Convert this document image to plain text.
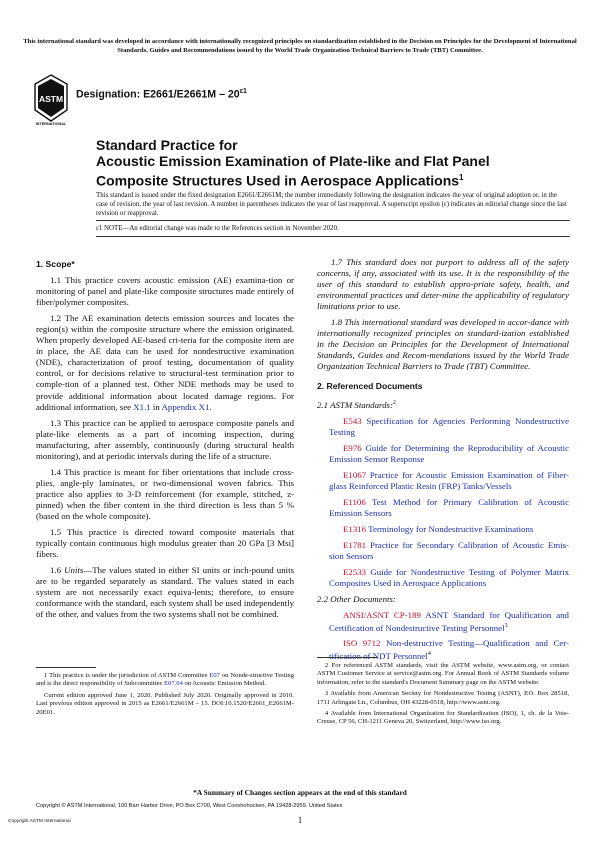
This international standard was developed in accordance with internationally recognized principles on standardization established in the Decision on Principles for the Development of International Standards, Guides and Recommendations issued by the World Trade Organization Technical Barriers to Trade (TBT) Committee.
ASTM
INTERNATIONAL
Designation: $E2661/E2661M - 20^{\varepsilon 1}$
Standard Practice for
Acoustic Emission Examination of Plate-like and Flat Panel
Composite Structures Used in Aerospace Applications$^1$
This standard is issued under the fixed designation E2661/E2661M; the number immediately following the designation indicates the year of original adoption or, in the case of revision, the year of last revision. A number in parentheses indicates the year of last reapproval. A superscript epsilon (ε) indicates an editorial change since the last revision or reapproval.
ε1 NOTE—An editorial change was made to the References section in November 2020.
1. Scope*

1.1 This practice covers acoustic emission (AE) examina-tion or monitoring of panel and plate-like composite structures made entirely of fiber/polymer composites.

1.2 The AE examination detects emission sources and locates the region(s) within the composite structure where the emission originated. When properly developed AE-based cri-teria for the composite item are in place, the AE data can be used for nondestructive examination (NDE), characterization of proof testing, documentation of quality control, or for decisions relative to structural-test termination prior to comple-tion of a planned test. Other NDE methods may be used to provide additional information about located damage regions. For additional information, see X1.1 in Appendix X1.

1.3 This practice can be applied to aerospace composite panels and plate-like elements as a part of incoming inspection, during manufacturing, after assembly, continuously (during structural health monitoring), and at periodic intervals during the life of a structure.

1.4 This practice is meant for fiber orientations that include cross-plies, angle-ply laminates, or two-dimensional woven fabrics. This practice also applies to 3-D reinforcement (for example, stitched, z-pinned) when the fiber content in the third direction is less than 5 % (based on the whole composite).

1.5 This practice is directed toward composite materials that typically contain continuous high modulus greater than 20 GPa [3 Msi] fibers.

1.6 Units—The values stated in either SI units or inch-pound units are to be regarded separately as standard. The values stated in each system are not necessarily exact equiva-lents; therefore, to ensure conformance with the standard, each system shall be used independently of the other, and values from the two systems shall not be combined.

1.7 This standard does not purport to address all of the safety concerns, if any, associated with its use. It is the responsibility of the user of this standard to establish appro-priate safety, health, and environmental practices and deter-mine the applicability of regulatory limitations prior to use.

1.8 This international standard was developed in accor-dance with internationally recognized principles on standard-ization established in the Decision on Principles for the Development of International Standards, Guides and Recom-mendations issued by the World Trade Organization Technical Barriers to Trade (TBT) Committee.

2. Referenced Documents

2.1 ASTM Standards:$^2$

E543 Specification for Agencies Performing Nondestructive Testing

E976 Guide for Determining the Reproducibility of Acoustic Emission Sensor Response

E1067 Practice for Acoustic Emission Examination of Fiber-glass Reinforced Plastic Resin (FRP) Tanks/Vessels

E1106 Test Method for Primary Calibration of Acoustic Emission Sensors

E1316 Terminology for Nondestructive Examinations

E1781 Practice for Secondary Calibration of Acoustic Emis-sion Sensors

E2533 Guide for Nondestructive Testing of Polymer Matrix Composites Used in Aerospace Applications

2.2 Other Documents:

ANSI/ASNT CP-189 ASNT Standard for Qualification and Certification of Nondestructive Testing Personnel$^3$

ISO 9712 Non-destructive Testing—Qualification and Cer-tification of NDT Personnel$^4$

1 This practice is under the jurisdiction of ASTM Committee E07 on Nonde-structive Testing and is the direct responsibility of Subcommittee E07.04 on Acoustic Emission Method.

Current edition approved June 1, 2020. Published July 2020. Originally approved in 2010. Last previous edition approved in 2015 as E2661/E2661M – 15. DOI:10.1520/E2661_E2661M-20E01.

2 For referenced ASTM standards, visit the ASTM website, www.astm.org, or contact ASTM Customer Service at service@astm.org. For Annual Book of ASTM Standards volume information, refer to the standard's Document Summary page on the ASTM website.

3 Available from American Society for Nondestructive Testing (ASNT), P.O. Box 28518, 1711 Arlingate Ln., Columbus, OH 43228-0518, http://www.asnt.org.

4 Available from International Organization for Standardization (ISO), 1, ch. de la Voie-Creuse, CP 56, CH-1211 Geneva 20, Switzerland, http://www.iso.org.

*A Summary of Changes section appears at the end of this standard
Copyright © ASTM International, 100 Barr Harbor Drive, PO Box C700, West Conshohocken, PA 19428-2959. United States
Copyright ASTM International	1
